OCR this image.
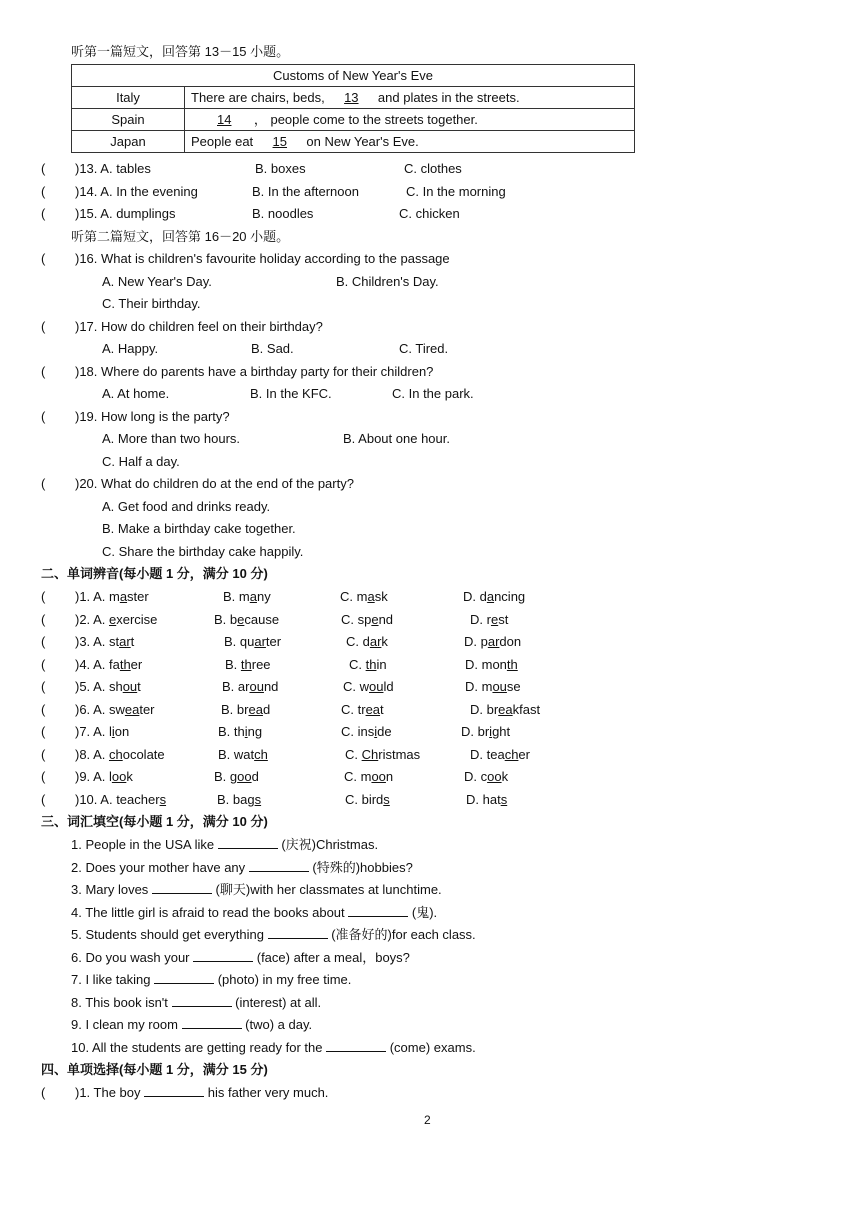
听第一篇短文，回答第 13－15 小题。
Customs of New Year's Eve	
Italy	There are chairs, beds, 13 and plates in the streets.
Spain	14 ， people come to the streets together.
Japan	People eat 15 on New Year's Eve.
( )13. A. tables	B. boxes	C. clothes
( )14. A. In the evening	B. In the afternoon	C. In the morning
( )15. A. dumplings	B. noodles	C. chicken
听第二篇短文，回答第 16－20 小题。
( )16. What is children's favourite holiday according to the passage
A. New Year's Day.	B. Children's Day.
C. Their birthday.
( )17. How do children feel on their birthday?
A. Happy.	B. Sad.	C. Tired.
( )18. Where do parents have a birthday party for their children?
A. At home.	B. In the KFC.	C. In the park.
( )19. How long is the party?
A. More than two hours.	B. About one hour.
C. Half a day.
( )20. What do children do at the end of the party?
A. Get food and drinks ready.
B. Make a birthday cake together.
C. Share the birthday cake happily.
二、单词辨音(每小题 1 分，满分 10 分)
( )1. A. master	B. many	C. mask	D. dancing
( )2. A. exercise	B. because	C. spend	D. rest
( )3. A. start	B. quarter	C. dark	D. pardon
( )4. A. father	B. three	C. thin	D. month
( )5. A. shout	B. around	C. would	D. mouse
( )6. A. sweater	B. bread	C. treat	D. breakfast
( )7. A. lion	B. thing	C. inside	D. bright
( )8. A. chocolate	B. watch	C. Christmas	D. teacher
( )9. A. look	B. good	C. moon	D. cook
( )10. A. teachers	B. bags	C. birds	D. hats
三、词汇填空(每小题 1 分，满分 10 分)
1. People in the USA like	(庆祝)Christmas.
2. Does your mother have any	(特殊的)hobbies?
3. Mary loves	(聊天)with her classmates at lunchtime.
4. The little girl is afraid to read the books about	(鬼).
5. Students should get everything	(准备好的)for each class.
6. Do you wash your	(face) after a meal，boys?
7. I like taking	(photo) in my free time.
8. This book isn't	(interest) at all.
9. I clean my room	(two) a day.
10. All the students are getting ready for the	(come) exams.
四、单项选择(每小题 1 分，满分 15 分)
( )1. The boy	his father very much.
2
